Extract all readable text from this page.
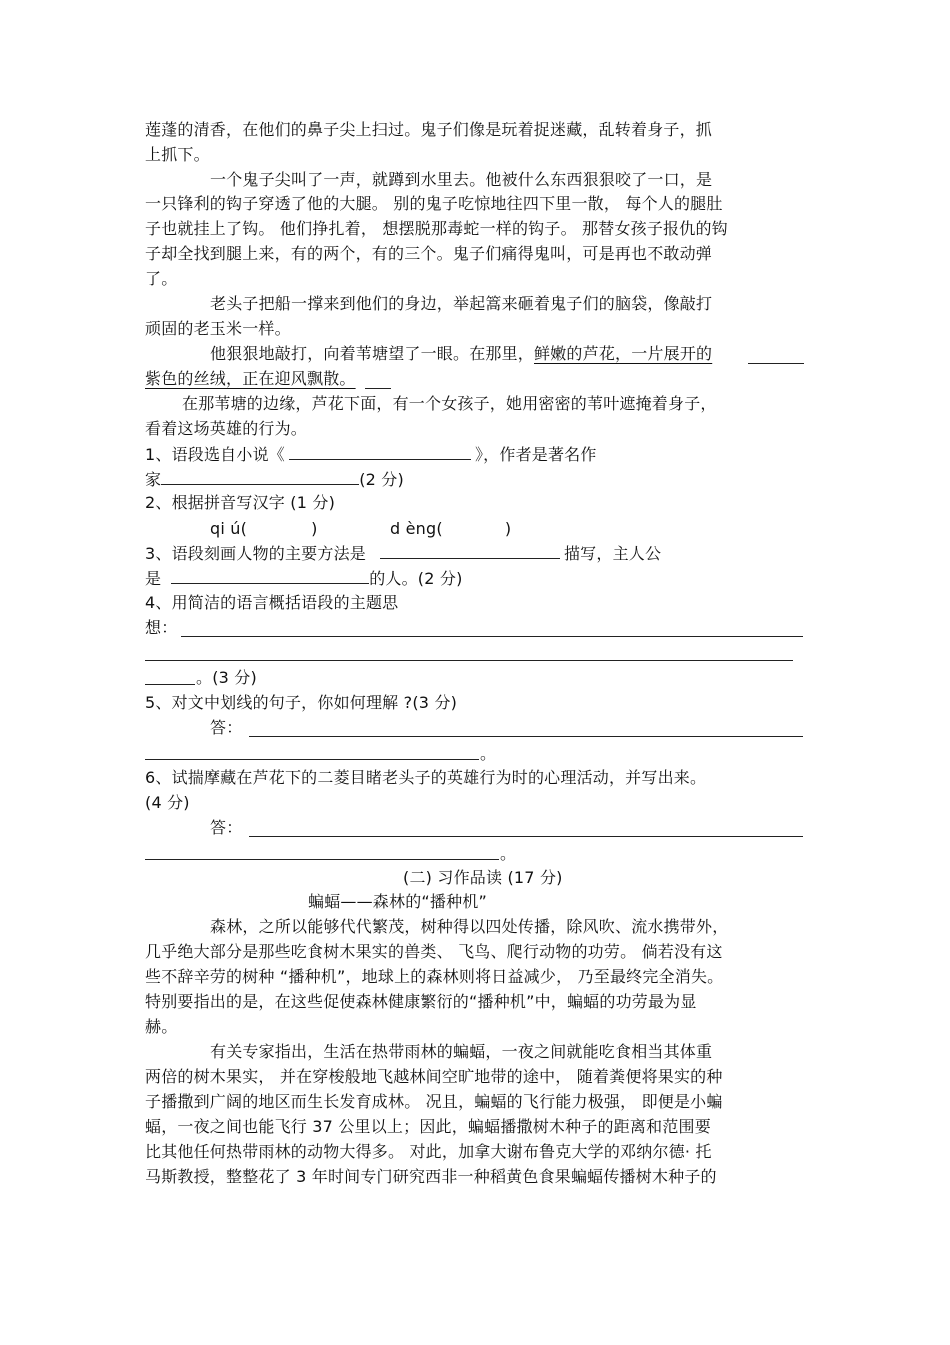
莲蓬的清香，在他们的鼻子尖上扫过。鬼子们像是玩着捉迷藏，乱转着身子，抓
上抓下。
一个鬼子尖叫了一声，就蹲到水里去。他被什么东西狠狠咬了一口，是
一只锋利的钩子穿透了他的大腿。 别的鬼子吃惊地往四下里一散， 每个人的腿肚
子也就挂上了钩。 他们挣扎着， 想摆脱那毒蛇一样的钩子。 那替女孩子报仇的钩
子却全找到腿上来，有的两个，有的三个。鬼子们痛得鬼叫，可是再也不敢动弹
了。
老头子把船一撑来到他们的身边，举起篙来砸着鬼子们的脑袋，像敲打
顽固的老玉米一样。
他狠狠地敲打，向着苇塘望了一眼。在那里，鲜嫩的芦花，一片展开的
紫色的丝绒，正在迎风飘散。
在那苇塘的边缘，芦花下面，有一个女孩子，她用密密的苇叶遮掩着身子，
看着这场英雄的行为。
1、语段选自小说《	》，作者是著名作
家	(2 分)
2、根据拼音写汉字 (1 分)
qi ú(	)	d èng(	)
3、语段刻画人物的主要方法是	描写，主人公
是	的人。(2 分)
4、用简洁的语言概括语段的主题思
想：
。(3 分)
5、对文中划线的句子，你如何理解 ?(3 分)
答：
。
6、试揣摩藏在芦花下的二菱目睹老头子的英雄行为时的心理活动，并写出来。
(4 分)
答：
。
(二) 习作品读 (17 分)
蝙蝠——森林的“播种机”
森林，之所以能够代代繁茂，树种得以四处传播，除风吹、流水携带外，
几乎绝大部分是那些吃食树木果实的兽类、 飞鸟、爬行动物的功劳。 倘若没有这
些不辞辛劳的树种 “播种机”，地球上的森林则将日益减少， 乃至最终完全消失。
特别要指出的是，在这些促使森林健康繁衍的“播种机”中，蝙蝠的功劳最为显
赫。
有关专家指出，生活在热带雨林的蝙蝠，一夜之间就能吃食相当其体重
两倍的树木果实， 并在穿梭般地飞越林间空旷地带的途中， 随着粪便将果实的种
子播撒到广阔的地区而生长发育成林。 况且，蝙蝠的飞行能力极强， 即便是小蝙
蝠，一夜之间也能飞行 37 公里以上；因此，蝙蝠播撒树木种子的距离和范围要
比其他任何热带雨林的动物大得多。 对此，加拿大谢布鲁克大学的邓纳尔德· 托
马斯教授，整整花了 3 年时间专门研究西非一种稻黄色食果蝙蝠传播树木种子的
